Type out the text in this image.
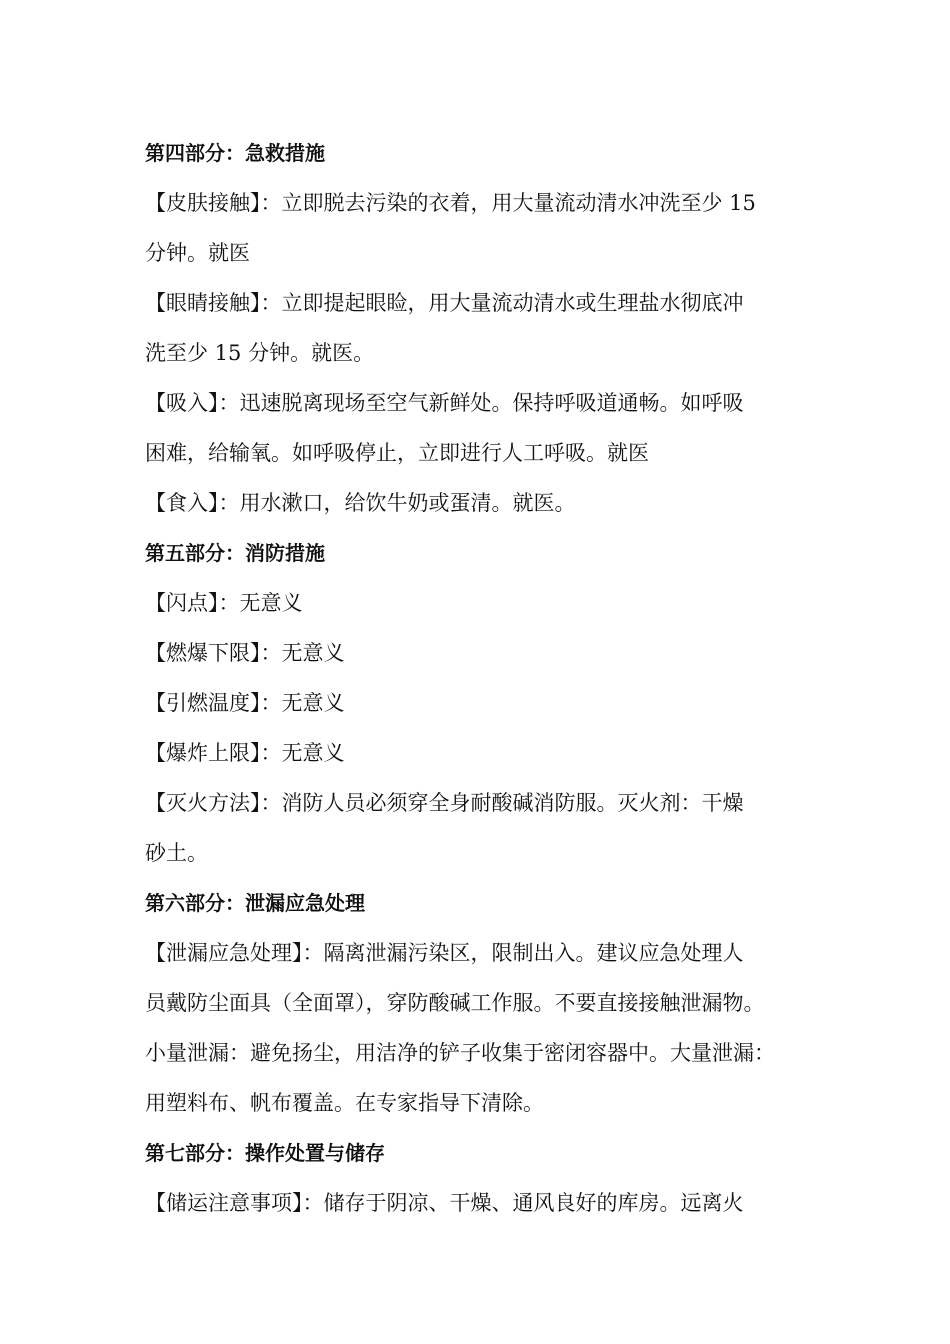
第四部分：急救措施
【皮肤接触】：立即脱去污染的衣着，用大量流动清水冲洗至少 15
分钟。就医
【眼睛接触】：立即提起眼睑，用大量流动清水或生理盐水彻底冲
洗至少 15 分钟。就医。
【吸入】：迅速脱离现场至空气新鲜处。保持呼吸道通畅。如呼吸
困难，给输氧。如呼吸停止，立即进行人工呼吸。就医
【食入】：用水漱口，给饮牛奶或蛋清。就医。
第五部分：消防措施
【闪点】：无意义
【燃爆下限】：无意义
【引燃温度】：无意义
【爆炸上限】：无意义
【灭火方法】：消防人员必须穿全身耐酸碱消防服。灭火剂：干燥
砂土。
第六部分：泄漏应急处理
【泄漏应急处理】：隔离泄漏污染区，限制出入。建议应急处理人
员戴防尘面具（全面罩），穿防酸碱工作服。不要直接接触泄漏物。
小量泄漏：避免扬尘，用洁净的铲子收集于密闭容器中。大量泄漏：
用塑料布、帆布覆盖。在专家指导下清除。
第七部分：操作处置与储存
【储运注意事项】：储存于阴凉、干燥、通风良好的库房。远离火
